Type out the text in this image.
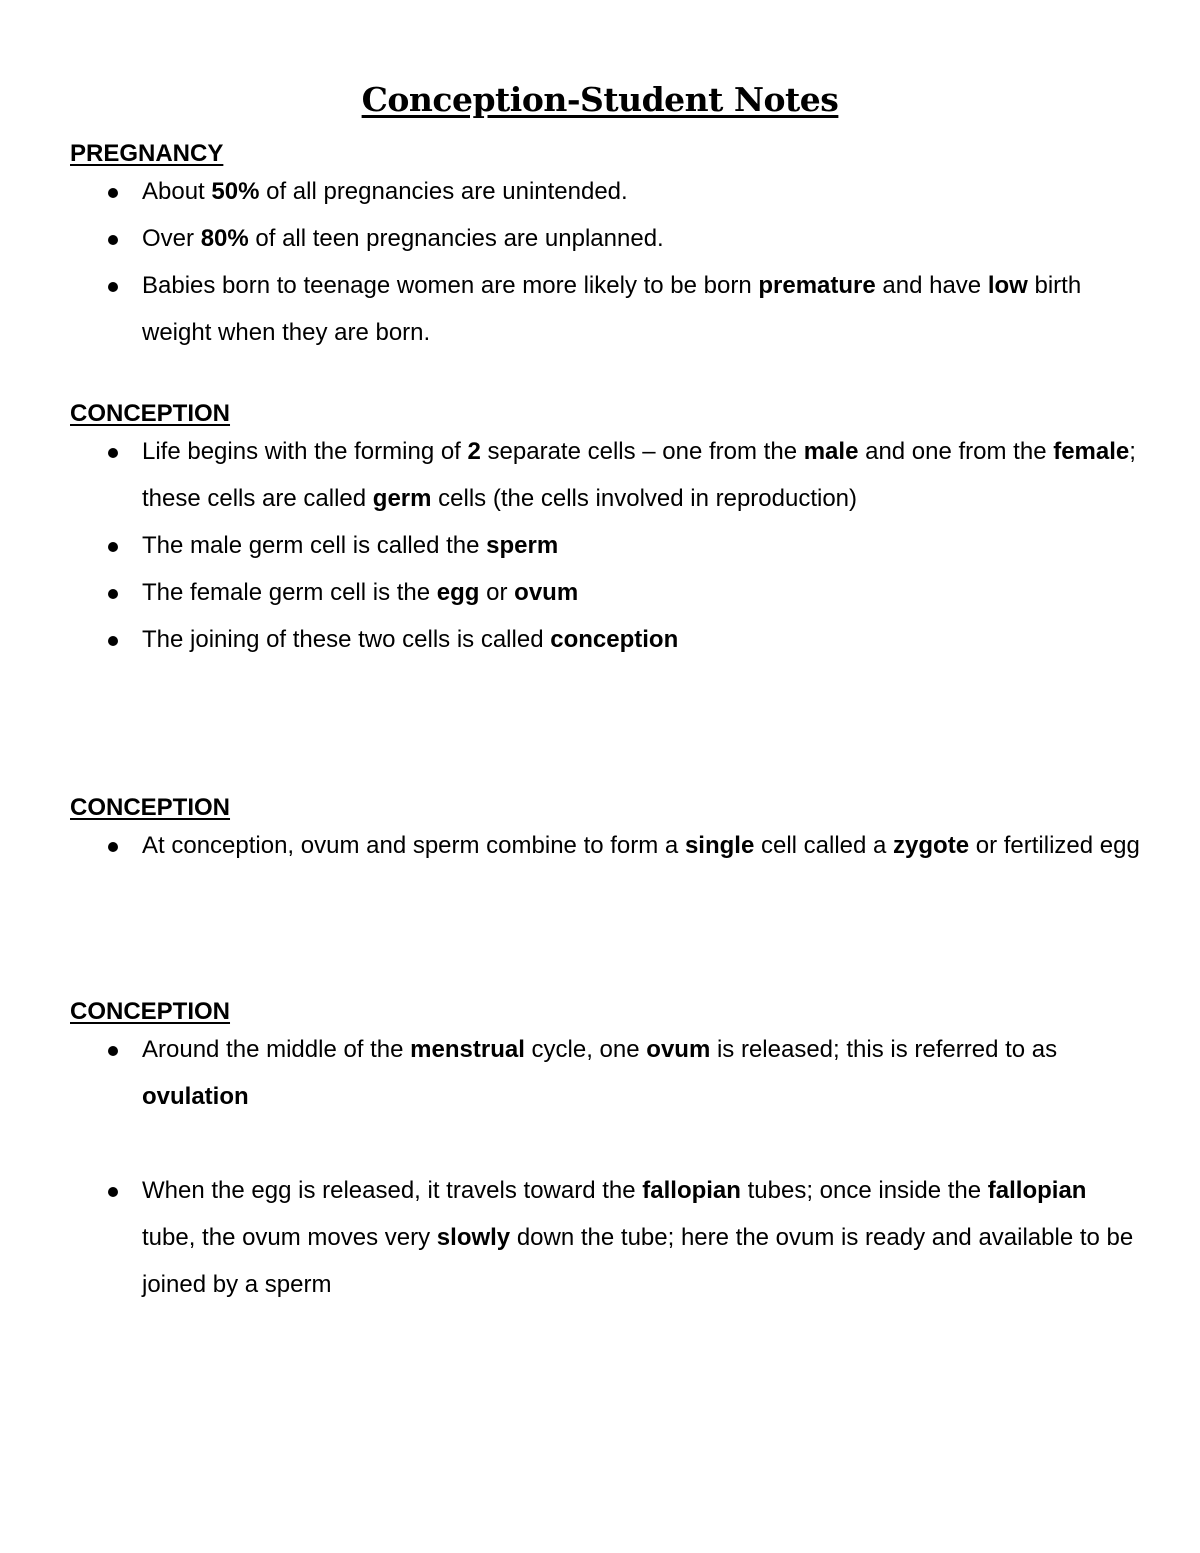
Conception-Student Notes
PREGNANCY
About 50% of all pregnancies are unintended.
Over 80% of all teen pregnancies are unplanned.
Babies born to teenage women are more likely to be born premature and have low birth weight when they are born.
CONCEPTION
Life begins with the forming of 2 separate cells – one from the male and one from the female; these cells are called germ cells (the cells involved in reproduction)
The male germ cell is called the sperm
The female germ cell is the egg or ovum
The joining of these two cells is called conception
CONCEPTION
At conception, ovum and sperm combine to form a single cell called a zygote or fertilized egg
CONCEPTION
Around the middle of the menstrual cycle, one ovum is released; this is referred to as ovulation
When the egg is released, it travels toward the fallopian tubes; once inside the fallopian tube, the ovum moves very slowly down the tube; here the ovum is ready and available to be joined by a sperm
